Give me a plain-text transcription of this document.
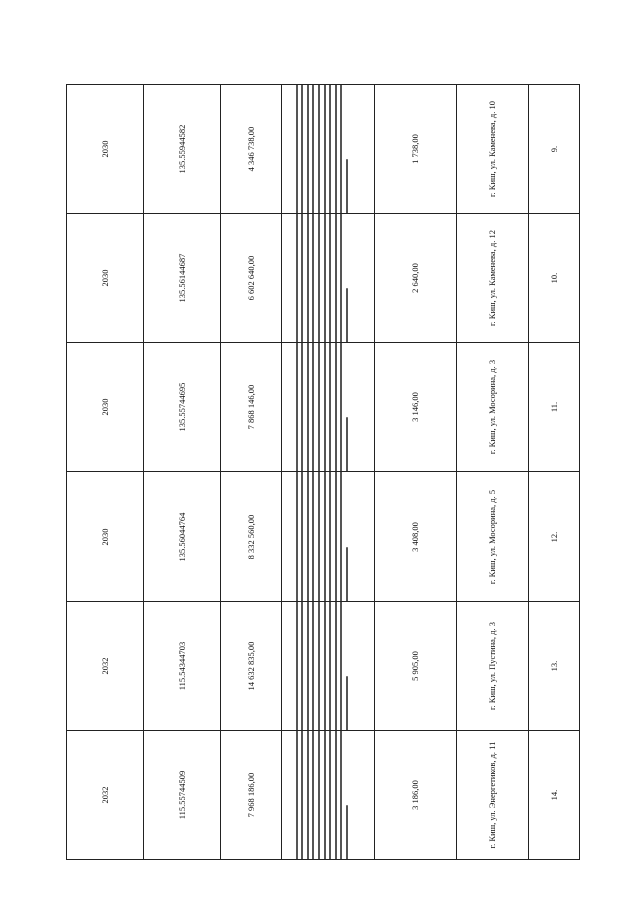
2030	135.55944582	4 346 738,00		1 738,00	г. Киш, ул. Каменева, д. 10	9.

2030	135.56144687	6 602 640,00		2 640,00	г. Киш, ул. Каменева, д. 12	10.

2030	135.55744695	7 868 146,00		3 146,00	г. Киш, ул. Мосорина, д. 3	11.

2030	135.56044764	8 332 560,00		3 408,00	г. Киш, ул. Мосорина, д. 5	12.

2032	115.54344703	14 632 835,00		5 905,00	г. Киш, ул. Пустина, д. 3	13.

2032	115.55744509	7 968 186,00		3 186,00	г. Киш, ул. Энергетиков, д. 11	14.
